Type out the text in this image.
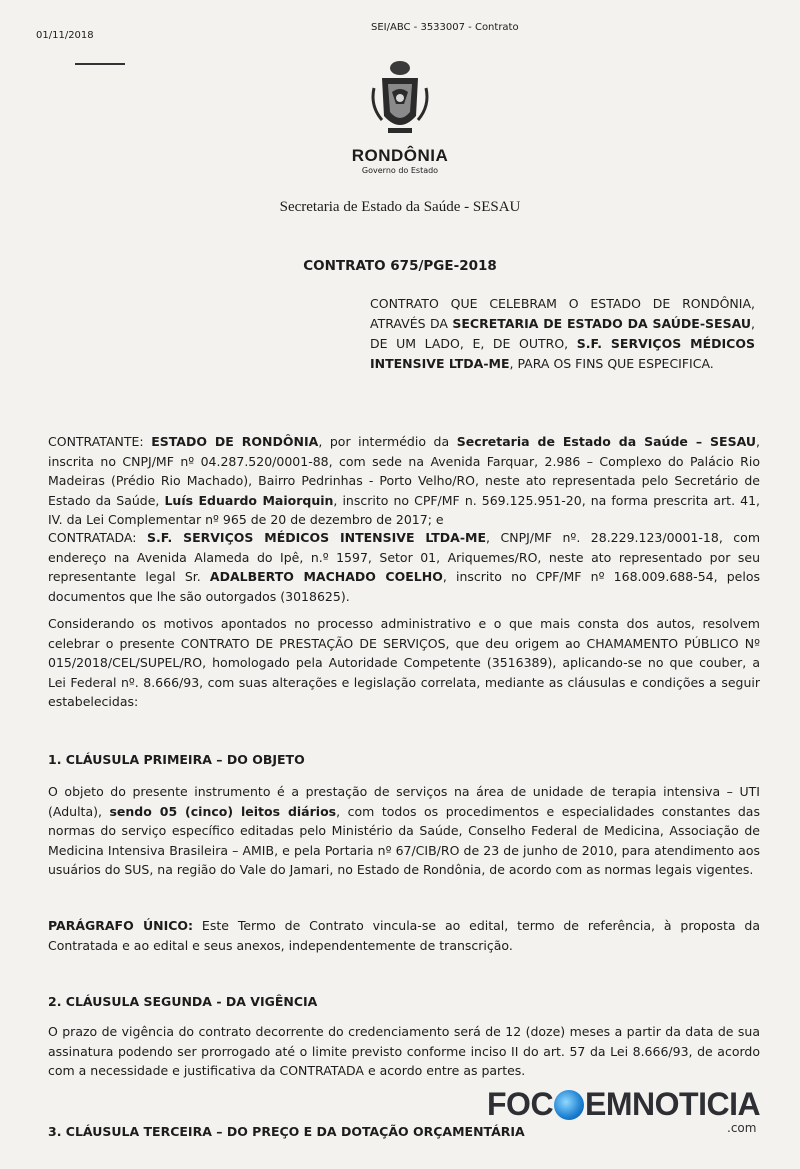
01/11/2018
SEI/ABC - 3533007 - Contrato
RONDÔNIA
Governo do Estado
Secretaria de Estado da Saúde - SESAU
CONTRATO 675/PGE-2018
CONTRATO QUE CELEBRAM O ESTADO DE RONDÔNIA, ATRAVÉS DA SECRETARIA DE ESTADO DA SAÚDE-SESAU, DE UM LADO, E, DE OUTRO, S.F. SERVIÇOS MÉDICOS INTENSIVE LTDA-ME, PARA OS FINS QUE ESPECIFICA.
CONTRATANTE: ESTADO DE RONDÔNIA, por intermédio da Secretaria de Estado da Saúde – SESAU, inscrita no CNPJ/MF nº 04.287.520/0001-88, com sede na Avenida Farquar, 2.986 – Complexo do Palácio Rio Madeiras (Prédio Rio Machado), Bairro Pedrinhas - Porto Velho/RO, neste ato representada pelo Secretário de Estado da Saúde, Luís Eduardo Maiorquin, inscrito no CPF/MF n. 569.125.951-20, na forma prescrita art. 41, IV. da Lei Complementar nº 965 de 20 de dezembro de 2017; e
CONTRATADA: S.F. SERVIÇOS MÉDICOS INTENSIVE LTDA-ME, CNPJ/MF nº. 28.229.123/0001-18, com endereço na Avenida Alameda do Ipê, n.º 1597, Setor 01, Ariquemes/RO, neste ato representado por seu representante legal Sr. ADALBERTO MACHADO COELHO, inscrito no CPF/MF nº 168.009.688-54, pelos documentos que lhe são outorgados (3018625).
Considerando os motivos apontados no processo administrativo e o que mais consta dos autos, resolvem celebrar o presente CONTRATO DE PRESTAÇÃO DE SERVIÇOS, que deu origem ao CHAMAMENTO PÚBLICO Nº 015/2018/CEL/SUPEL/RO, homologado pela Autoridade Competente (3516389), aplicando-se no que couber, a Lei Federal nº. 8.666/93, com suas alterações e legislação correlata, mediante as cláusulas e condições a seguir estabelecidas:
1. CLÁUSULA PRIMEIRA – DO OBJETO
O objeto do presente instrumento é a prestação de serviços na área de unidade de terapia intensiva – UTI (Adulta), sendo 05 (cinco) leitos diários, com todos os procedimentos e especialidades constantes das normas do serviço específico editadas pelo Ministério da Saúde, Conselho Federal de Medicina, Associação de Medicina Intensiva Brasileira – AMIB, e pela Portaria nº 67/CIB/RO de 23 de junho de 2010, para atendimento aos usuários do SUS, na região do Vale do Jamari, no Estado de Rondônia, de acordo com as normas legais vigentes.
PARÁGRAFO ÚNICO: Este Termo de Contrato vincula-se ao edital, termo de referência, à proposta da Contratada e ao edital e seus anexos, independentemente de transcrição.
2. CLÁUSULA SEGUNDA - DA VIGÊNCIA
O prazo de vigência do contrato decorrente do credenciamento será de 12 (doze) meses a partir da data de sua assinatura podendo ser prorrogado até o limite previsto conforme inciso II do art. 57 da Lei 8.666/93, de acordo com a necessidade e justificativa da CONTRATADA e acordo entre as partes.
3. CLÁUSULA TERCEIRA – DO PREÇO E DA DOTAÇÃO ORÇAMENTÁRIA
FOC EMNOTICIA
.com
